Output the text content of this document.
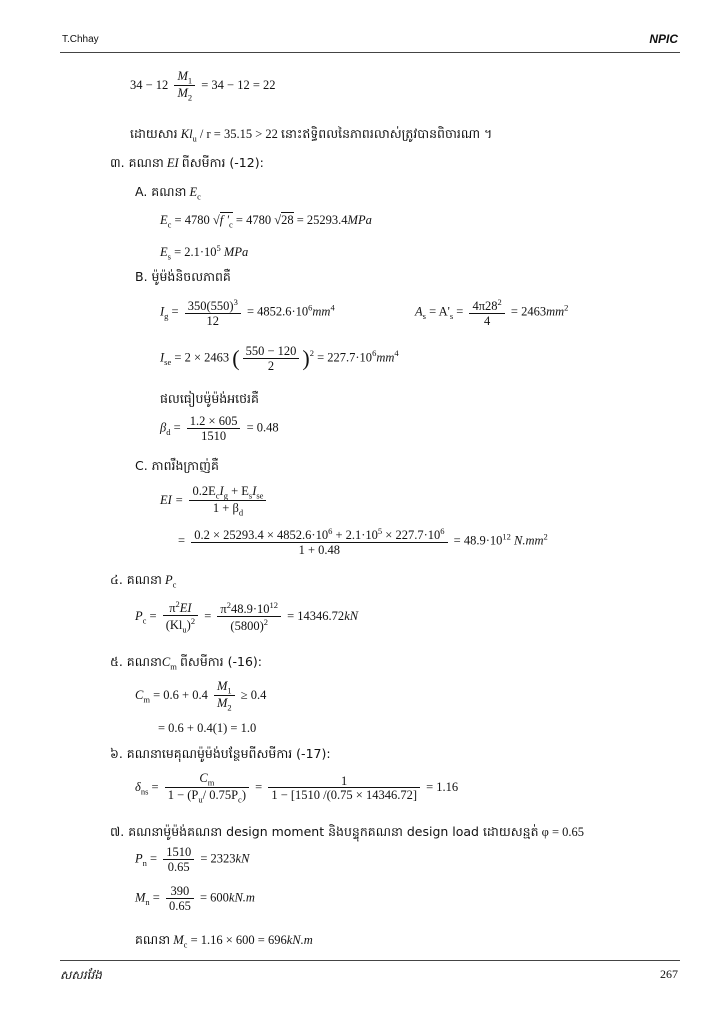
T.Chhay	NPIC
$34 - 12 \frac{M_1}{M_2} = 34 - 12 = 22$
ដោយសារ $Kl_u / r = 35.15 > 22$ នោះឥទ្ធិពលនៃភាពរលាស់ត្រូវបានពិចារណា ។
៣. គណនា EI ពីសមីការ (-12):
A. គណនា $E_c$
$E_c = 4780$ √f '$_c = 4780$ √28 = 25293.4MPa
$E_s = 2.1\cdot 10^5$ MPa
B. ម៉ូម៉ង់និចលភាពគឺ
$I_g = \frac{350(550)^3}{12} = 4852.6\cdot 10^6mm^4$	$A_s = A'_s = \frac{4\pi 28^2}{4} = 2463mm^2$
$I_{se} = 2 \times 2463$ ( $\frac{550 - 120}{2} )^2 = 227.7\cdot 10^6mm^4$
ផលធៀបម៉ូម៉ង់អថេរគឺ
$\beta_d = \frac{1.2 \times 605}{1510} = 0.48$
C. ភាពរឹងក្រាញ់គឺ
EI = $\frac{0.2E_cI_g + E_sI_{se}}{1 + \beta_d}$
= $\frac{0.2 \times 25293.4 \times 4852.6\cdot 10^6 + 2.1\cdot 10^5 \times 227.7\cdot 10^6}{1 + 0.48} = 48.9\cdot 10^{12}$ $N.mm^2$
៤. គណនា $P_c$
$P_c = \frac{\pi^2EI}{(Kl_u)^2} = \frac{\pi^248.9\cdot 10^{12}}{(5800)^2} = 14346.72kN$
៥. គណនា$C_m$ ពីសមីការ (-16):
$C_m = 0.6 + 0.4 \frac{M_1}{M_2} \ge 0.4$
= 0.6 + 0.4(1) = 1.0
៦. គណនាមេគុណម៉ូម៉ង់បន្ថែមពីសមីការ (-17):
$\delta_{ns} = \frac{C_m}{1 - (P_u/ 0.75P_c)} = \frac{1}{1 - [1510 /(0.75 \times 14346.72]} = 1.16$
៧. គណនាម៉ូម៉ង់គណនា design moment និងបន្ទុកគណនា design load ដោយសន្មត់ φ = 0.65
$P_n = \frac{1510}{0.65} = 2323kN$
$M_n = \frac{390}{0.65} = 600kN.m$
គណនា $M_c = 1.16 \times 600 = 696kN.m$
សសរវែង	267
